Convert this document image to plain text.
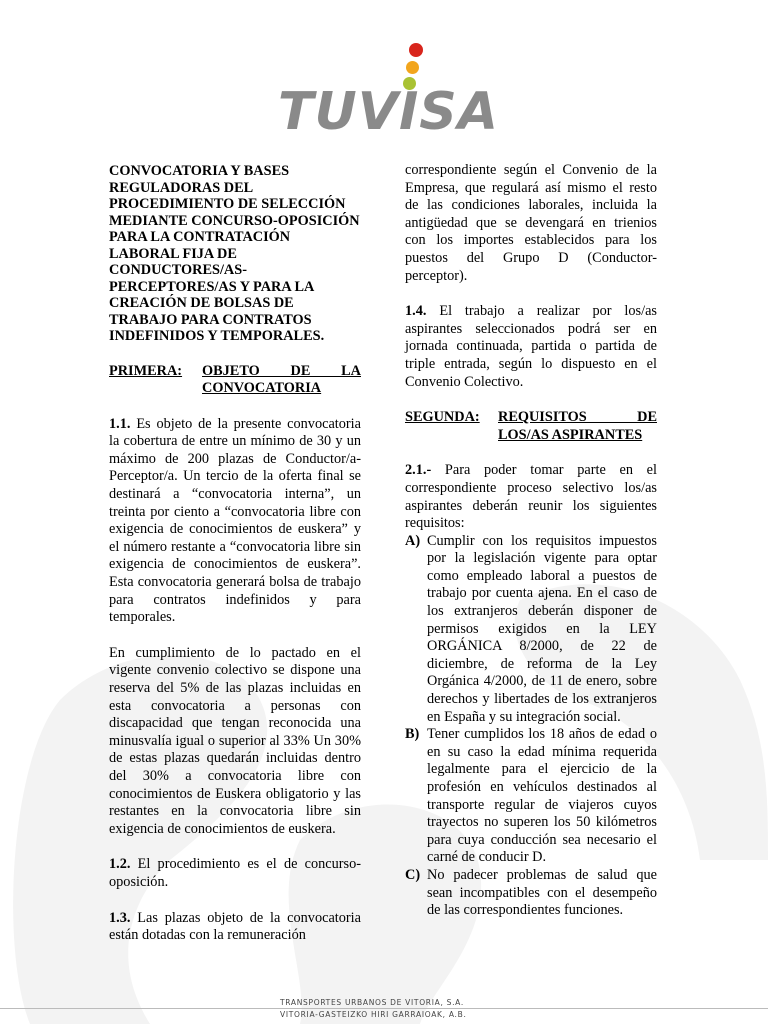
TUVISA

CONVOCATORIA Y BASES REGULADORAS DEL PROCEDIMIENTO DE SELECCIÓN MEDIANTE CONCURSO-OPOSICIÓN PARA LA CONTRATACIÓN LABORAL FIJA DE CONDUCTORES/AS-PERCEPTORES/AS Y PARA LA CREACIÓN DE BOLSAS DE TRABAJO PARA CONTRATOS INDEFINIDOS Y TEMPORALES.

PRIMERA:	OBJETO DE LA
CONVOCATORIA

1.1. Es objeto de la presente convocatoria la cobertura de entre un mínimo de 30 y un máximo de 200 plazas de Conductor/a-Perceptor/a. Un tercio de la oferta final se destinará a “convocatoria interna”, un treinta por ciento a “convocatoria libre con exigencia de conocimientos de euskera” y el número restante a “convocatoria libre sin exigencia de conocimientos de euskera”. Esta convocatoria generará bolsa de trabajo para contratos indefinidos y para temporales.

En cumplimiento de lo pactado en el vigente convenio colectivo se dispone una reserva del 5% de las plazas incluidas en esta convocatoria a personas con discapacidad que tengan reconocida una minusvalía igual o superior al 33% Un 30% de estas plazas quedarán incluidas dentro del 30% a convocatoria libre con conocimientos de Euskera obligatorio y las restantes en la convocatoria libre sin exigencia de conocimientos de euskera.

1.2. El procedimiento es el de concurso-oposición.

1.3. Las plazas objeto de la convocatoria están dotadas con la remuneración

correspondiente según el Convenio de la Empresa, que regulará así mismo el resto de las condiciones laborales, incluida la antigüedad que se devengará en trienios con los importes establecidos para los puestos del Grupo D (Conductor-perceptor).

1.4. El trabajo a realizar por los/as aspirantes seleccionados podrá ser en jornada continuada, partida o partida de triple entrada, según lo dispuesto en el Convenio Colectivo.

SEGUNDA:	REQUISITOS DE
LOS/AS ASPIRANTES

2.1.- Para poder tomar parte en el correspondiente proceso selectivo los/as aspirantes deberán reunir los siguientes requisitos:

A) Cumplir con los requisitos impuestos por la legislación vigente para optar como empleado laboral a puestos de trabajo por cuenta ajena. En el caso de los extranjeros deberán disponer de permisos exigidos en la LEY ORGÁNICA 8/2000, de 22 de diciembre, de reforma de la Ley Orgánica 4/2000, de 11 de enero, sobre derechos y libertades de los extranjeros en España y su integración social.
B) Tener cumplidos los 18 años de edad o en su caso la edad mínima requerida legalmente para el ejercicio de la profesión en vehículos destinados al transporte regular de viajeros cuyos trayectos no superen los 50 kilómetros para cuya conducción sea necesario el carné de conducir D.
C) No padecer problemas de salud que sean incompatibles con el desempeño de las correspondientes funciones.
TRANSPORTES URBANOS DE VITORIA, S.A.
VITORIA-GASTEIZKO HIRI GARRAIOAK, A.B.
